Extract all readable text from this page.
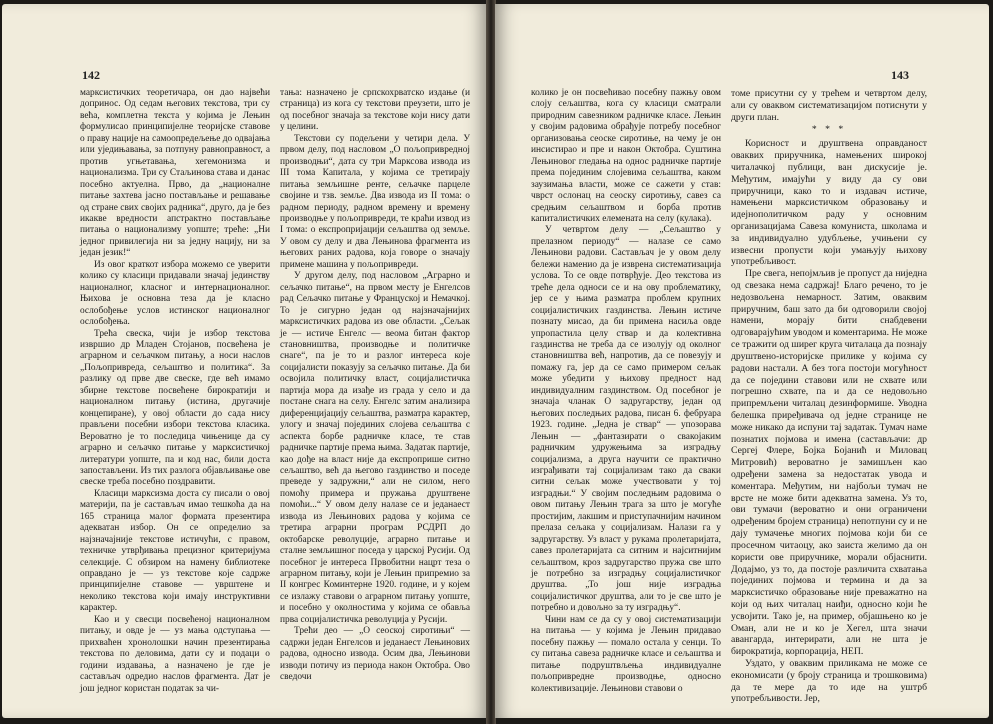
142

марксистичких теоретичара, он дао највећи допринос. Од седам његових текстова, три су већа, комплетна текста у којима је Лењин формулисао принципијелне теоријске ставове о праву нације на самоопредељење до одвајања или уједињавања, за потпуну равноправност, а против угњетавања, хегемонизма и национализма. Три су Стаљинова става и данас посебно актуелна. Прво, да „националне питање захтева јасно постављање и решавање од стране свих својих радника“, друго, да је без икакве вредности апстрактно постављање питања о национализму уопште; треће: „Ни једног привилегија ни за једну нацију, ни за један језик!“

Из овог краткот избора можемо се уверити колико су класици придавали значај јединству националног, класног и интернационалног. Њихова је основна теза да је класно ослобођење услов истинског националног ослобођења.

Трећа свеска, чији је избор текстова извршио др Младен Стојанов, посвећена је аграрном и сељачком питању, а носи наслов „Пољопривреда, сељаштво и политика“. За разлику од прве две свеске, где већ имамо збирне текстове посвећене бирократији и националном питању (истина, другачије концепиране), у овој области до сада нису прављени посебни избори текстова класика. Вероватно је то последица чињенице да су аграрно и сељачко питање у марксистичкој литератури уопште, па и код нас, били доста запостављени. Из тих разлога објављивање ове свеске треба посебно поздравити.

Класици марксизма доста су писали о овој материји, па је састављач имао тешкоћа да на 165 страница малог формата презентира адекватан избор. Он се определио за најзначајније текстове истичући, с правом, техничке утврђивања прецизног критеријума селекције. С обзиром на намену библиотеке оправдано је — уз текстове које садрже принципијелне ставове — уврштене и неколико текстова који имају инструктивни карактер.

Као и у свесци посвећеној националном питању, и овде је — уз мања одступања — прихваћен хронолошки начин презентирања текстова по деловима, дати су и подаци о години издавања, а назначено је где је састављач одредио наслов фрагмента. Дат је још једног користан податак за чи-

тања: назначено је српскохрватско издање (и страница) из кога су текстови преузети, што је од посебног значаја за текстове који нису дати у целини.

Текстови су подељени у четири дела. У првом делу, под насловом „О пољопривредној производњи“, дата су три Марксова извода из III тома Капитала, у којима се третирају питања земљишне ренте, сељачке парцеле својине и тзв. земље. Два извода из II тома: о радном периоду, радном времену и времену производње у пољопривреди, те краћи извод из I тома: о експропријацији сељаштва од земље. У овом су делу и два Лењинова фрагмента из његових раних радова, која говоре о значају примене машина у пољопривреди.

У другом делу, под насловом „Аграрно и сељачко питање“, на првом месту је Енгелсов рад Сељачко питање у Француској и Немачкој. То је сигурно један од најзначајнијих марксистичких радова из ове области. „Сељак је — истиче Енгелс — веома битан фактор становништва, производње и политичке снаге“, па је то и разлог интереса које социјалисти показују за сељачко питање. Да би освојила политичку власт, социјалистичка партија мора да изађе из града у село и да постане снага на селу. Енгелс затим анализира диференцијацију сељаштва, разматра карактер, улогу и значај појединих слојева сељаштва с аспекта борбе радничке класе, те став радничке партије према њима. Задатак партије, као дође на власт није да експроприше ситно сељаштво, већ да његово газдинство и поседе преведе у задружни,“ али не силом, него помоћу примера и пружања друштвене помоћи...“ У овом делу налазе се и једанаест извода из Лењинових радова у којима се третира аграрни програм РСДРП до октобарске револуције, аграрно питање и сталне земљишног поседа у царској Русији. Од посебног је интереса Првобитни нацрт теза о аграрном питању, који је Лењин припремио за II конгрес Коминтерне 1920. године, и у којем се излажу ставови о аграрном питању уопште, и посебно у околностима у којима се обавља прва социјалистичка револуција у Русији.

Трећи део — „О сеоској сиротињи“ — садржи један Енгелсов и једанаест Лењинових радова, односно извода. Осим два, Лењинови изводи потичу из периода након Октобра. Ово сведочи

143

колико је он посвећивао посебну пажњу овом слоју сељаштва, кога су класици сматрали природним савезником радничке класе. Лењин у својим радовима обрађује потребу посебног организовања сеоске сиротиње, на чему је он инсистирао и пре и након Октобра. Суштина Лењиновог гледања на однос радничке партије према појединим слојевима сељаштва, каком заузимања власти, може се сажети у став: чврст ослонац на сеоску сиротињу, савез са средњим сељаштвом и борба против капиталистичких елемената на селу (кулака).

У четвртом делу — „Сељаштво у прелазном периоду“ — налазе се само Лењинови радови. Састављач је у овом делу бележи наменио да је изврена систематизација услова. То се овде потврђује. Део текстова из треће дела односи се и на ову проблематику, јер се у њима разматра проблем крупних социјалистичких газдинства. Лењин истиче познату мисао, да би примена насиља овде упропастила целу ствар и да колективна газдинства не треба да се изолују од околног становништва већ, напротив, да се повезују и помажу га, јер да се само примером сељак може убедити у њихову предност над индивидуалним газдинством. Од посебног је значаја чланак О задругарству, један од његових последњих радова, писан 6. фебруара 1923. године. „Једна је ствар“ — упозорава Лењин — „фантазирати о свакојаким радничким удружењима за изградњу социјализма, а друга научити се практично изграђивати тај социјализам тако да сваки ситни сељак може учествовати у тој изградњи.“ У својим последњим радовима о овом питању Лењин трага за што је могуће простијим, лакшим и приступачнијим начином прелаза сељака у социјализам. Налази га у задругарству. Уз власт у рукама пролетаријата, савез пролетаријата са ситним и најситнијим сељаштвом, кроз задругарство пружа све што је потребно за изградњу социјалистичког друштва. „То још није изградња социјалистичког друштва, али то је све што је потребно и довољно за ту изградњу“.

Чини нам се да су у овој систематизацији на питања — у којима је Лењин придавао посебну пажњу — помало остала у сенци. То су питања савеза радничке класе и сељаштва и питање подруштвљења индивидуалне пољопривредне производње, односно колективизације. Лењинови ставови о

томе присутни су у трећем и четвртом делу, али су оваквом систематизацијом потиснути у други план.

* * *

Корисност и друштвена оправданост оваквих приручника, намењених широкој читалачкој публици, ван дискусије је. Међутим, имајући у виду да су ови приручници, како то и издавач истиче, намењени марксистичком образовању и идејнополитичком раду у основним организацијама Савеза комуниста, школама и за индивидуално удубљење, учињени су извесни пропусти који умањују њихову употребљивост.

Пре свега, непојмљив је пропуст да ниједна од свезака нема садржај! Благо речено, то је недозвољена немарност. Затим, оваквим приручним, баш зато да би одговорили својој намени, морају бити снабдевени одговарајућим уводом и коментарима. Не може се тражити од ширег круга читалаца да познају друштвено-историјске прилике у којима су радови настали. А без тога постоји могућност да се поједини ставови или не схвате или погрешно схвате, па и да се недовољно припремљени читалац дезинформише. Уводна белешка приређивача од једне странице не може никако да испуни тај задатак. Тумач наме познатих појмова и имена (састављачи: др Сергеј Флере, Бојка Бојанић и Миловац Митровић) вероватно је замишљен као одређени замена за недостатак увода и коментара. Међутим, ни најбољи тумач не врсте не може бити адекватна замена. Уз то, ови тумачи (вероватно и они ограничени одређеним бројем страница) непотпуни су и не дају тумачење многих појмова који би се просечном читаоцу, ако заиста желимо да он користи ове приручнике, морали објаснити. Додајмо, уз то, да постоје различита схватања појединих појмова и термина и да за марксистичко образовање није преважатно на који од њих читалац наиђи, односно који ће усвојити. Тако је, на пример, објашњено ко је Оман, али не и ко је Хегел, шта значи авангарда, интерирати, али не шта је бирократија, корпорација, НЕП.

Уздато, у оваквим приликама не може се економисати (у броју страница и трошковима) да те мере да то иде на уштрб употребљивости. Јер,
